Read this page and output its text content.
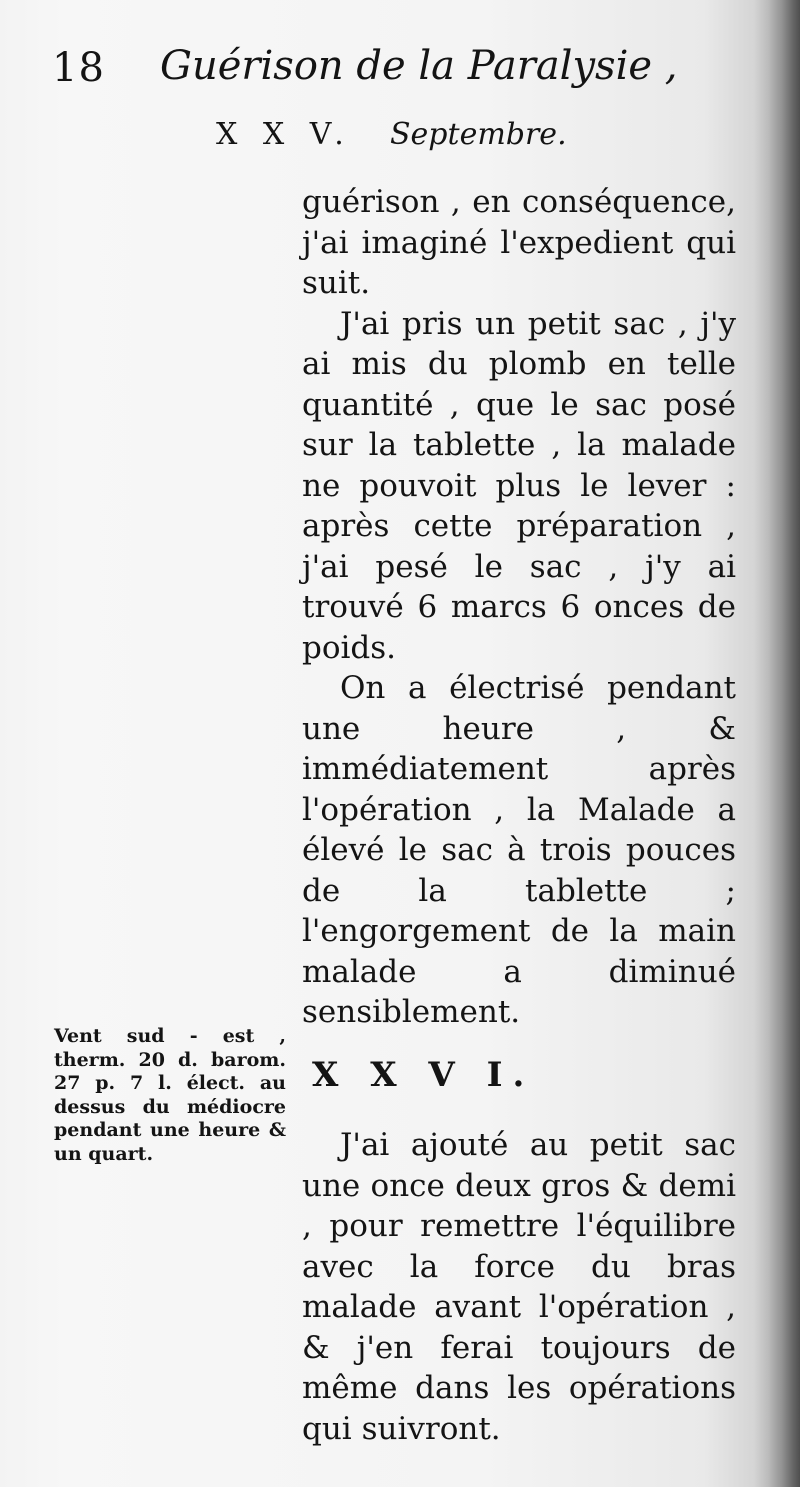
18 Guérison de la Paralysie ,
X X V. Septembre.

guérison , en conséquence, j'ai imaginé l'expedient qui suit.

J'ai pris un petit sac , j'y ai mis du plomb en telle quantité , que le sac posé sur la tablette , la malade ne pouvoit plus le lever : après cette préparation , j'ai pesé le sac , j'y ai trouvé 6 marcs 6 onces de poids.

On a électrisé pendant une heure , & immédiatement après l'opération , la Malade a élevé le sac à trois pouces de la tablette ; l'engorgement de la main malade a diminué sensiblement.

X X V I.

J'ai ajouté au petit sac une once deux gros & demi , pour remettre l'équilibre avec la force du bras malade avant l'opération , & j'en ferai toujours de même dans les opérations qui suivront.

Vent sud - est , therm. 20 d. barom. 27 p. 7 l. élect. au dessus du médiocre pendant une heure & un quart.
